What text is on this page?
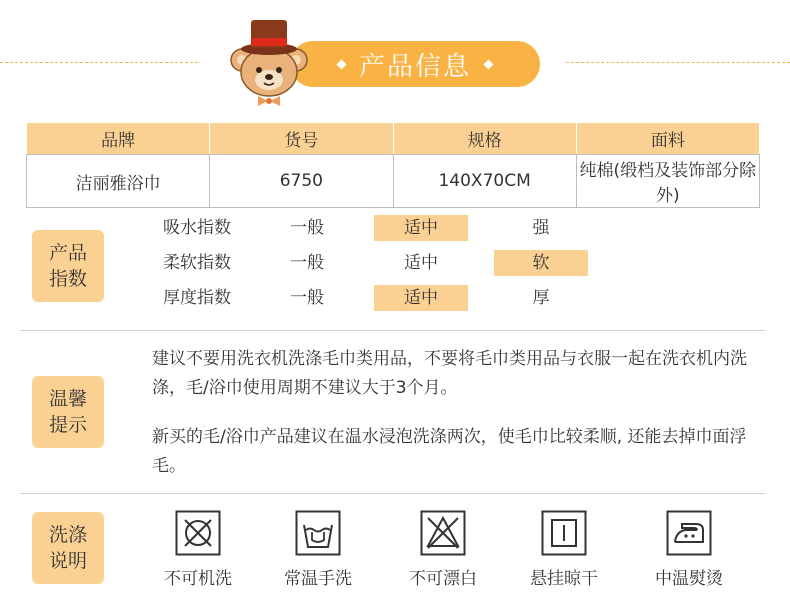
产品信息
品牌	货号	规格	面料
洁丽雅浴巾	6750	140X70CM	纯棉(缎档及装饰部分除外)
产品
指数
吸水指数	一般	适中	强
柔软指数	一般	适中	软
厚度指数	一般	适中	厚
温馨
提示
建议不要用洗衣机洗涤毛巾类用品，不要将毛巾类用品与衣服一起在洗衣机内洗涤，毛/浴巾使用周期不建议大于3个月。
新买的毛/浴巾产品建议在温水浸泡洗涤两次，使毛巾比较柔顺, 还能去掉巾面浮毛。
洗涤
说明
不可机洗	常温手洗	不可漂白	悬挂晾干	中温熨烫
